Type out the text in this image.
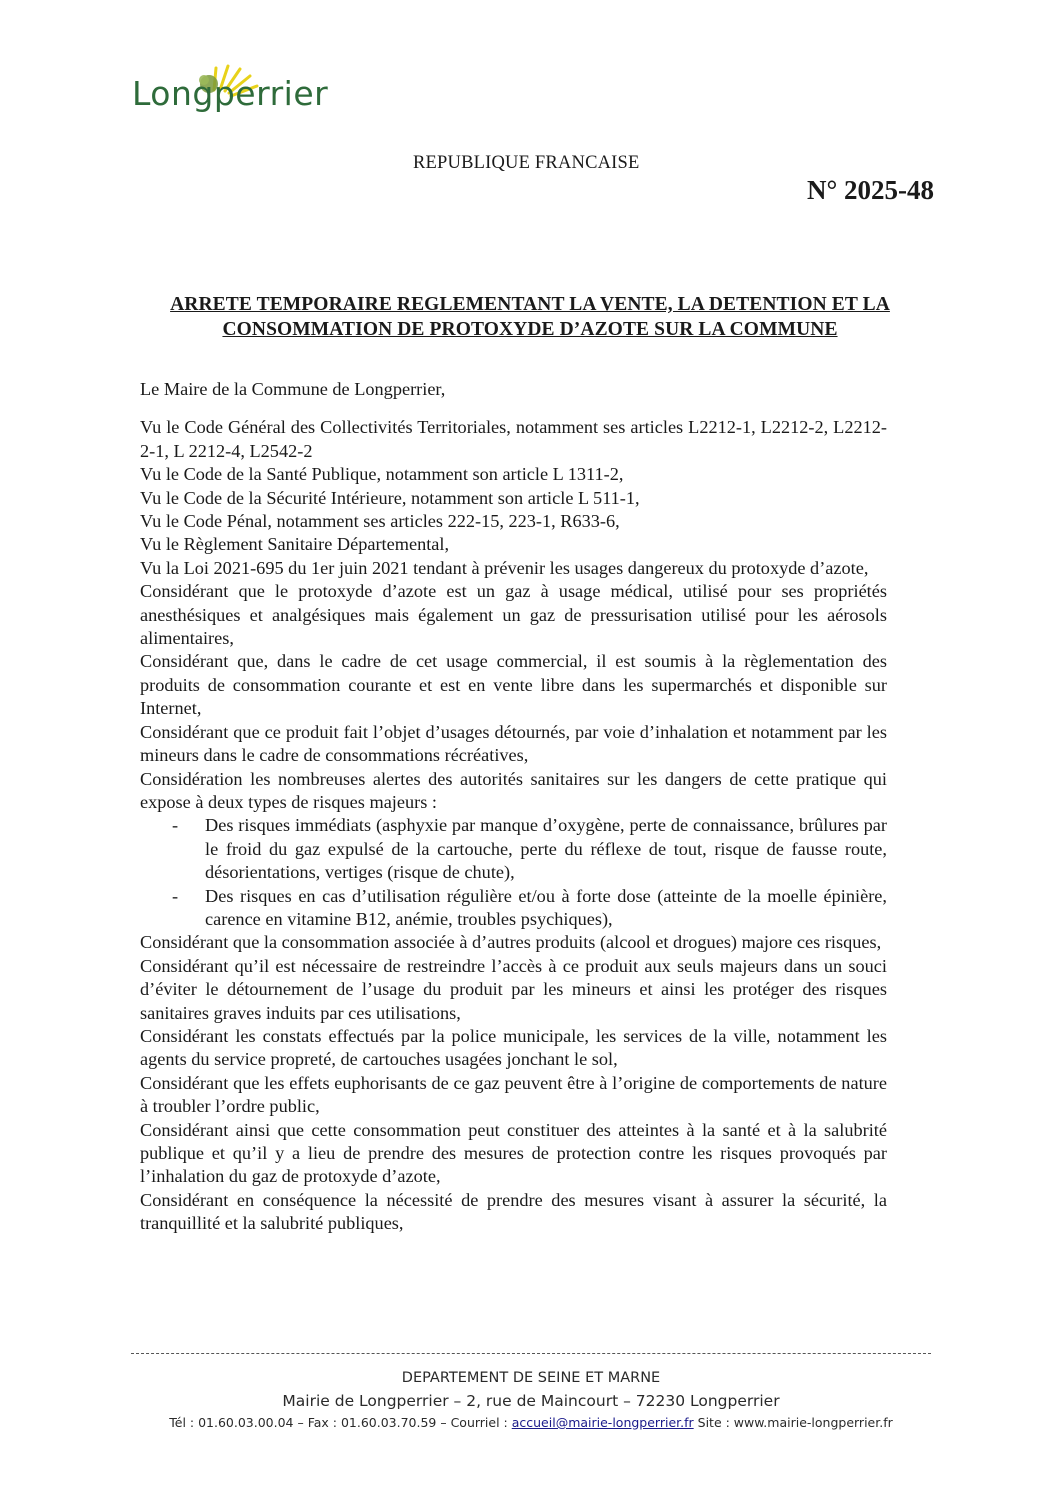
Longperrier
REPUBLIQUE FRANCAISE
N° 2025-48
ARRETE TEMPORAIRE REGLEMENTANT LA VENTE, LA DETENTION ET LA
CONSOMMATION DE PROTOXYDE D’AZOTE SUR LA COMMUNE

Le Maire de la Commune de Longperrier,

Vu le Code Général des Collectivités Territoriales, notamment ses articles L2212-1, L2212-2, L2212-2-1, L 2212-4, L2542-2

Vu le Code de la Santé Publique, notamment son article L 1311-2,

Vu le Code de la Sécurité Intérieure, notamment son article L 511-1,

Vu le Code Pénal, notamment ses articles 222-15, 223-1, R633-6,

Vu le Règlement Sanitaire Départemental,

Vu la Loi 2021-695 du 1er juin 2021 tendant à prévenir les usages dangereux du protoxyde d’azote,

Considérant que le protoxyde d’azote est un gaz à usage médical, utilisé pour ses propriétés anesthésiques et analgésiques mais également un gaz de pressurisation utilisé pour les aérosols alimentaires,

Considérant que, dans le cadre de cet usage commercial, il est soumis à la règlementation des produits de consommation courante et est en vente libre dans les supermarchés et disponible sur Internet,

Considérant que ce produit fait l’objet d’usages détournés, par voie d’inhalation et notamment par les mineurs dans le cadre de consommations récréatives,

Considération les nombreuses alertes des autorités sanitaires sur les dangers de cette pratique qui expose à deux types de risques majeurs :

- Des risques immédiats (asphyxie par manque d’oxygène, perte de connaissance, brûlures par le froid du gaz expulsé de la cartouche, perte du réflexe de tout, risque de fausse route, désorientations, vertiges (risque de chute),
- Des risques en cas d’utilisation régulière et/ou à forte dose (atteinte de la moelle épinière, carence en vitamine B12, anémie, troubles psychiques),

Considérant que la consommation associée à d’autres produits (alcool et drogues) majore ces risques,

Considérant qu’il est nécessaire de restreindre l’accès à ce produit aux seuls majeurs dans un souci d’éviter le détournement de l’usage du produit par les mineurs et ainsi les protéger des risques sanitaires graves induits par ces utilisations,

Considérant les constats effectués par la police municipale, les services de la ville, notamment les agents du service propreté, de cartouches usagées jonchant le sol,

Considérant que les effets euphorisants de ce gaz peuvent être à l’origine de comportements de nature à troubler l’ordre public,

Considérant ainsi que cette consommation peut constituer des atteintes à la santé et à la salubrité publique et qu’il y a lieu de prendre des mesures de protection contre les risques provoqués par l’inhalation du gaz de protoxyde d’azote,

Considérant en conséquence la nécessité de prendre des mesures visant à assurer la sécurité, la tranquillité et la salubrité publiques,

DEPARTEMENT DE SEINE ET MARNE
Mairie de Longperrier – 2, rue de Maincourt – 72230 Longperrier
Tél : 01.60.03.00.04 – Fax : 01.60.03.70.59 – Courriel : accueil@mairie-longperrier.fr Site : www.mairie-longperrier.fr
